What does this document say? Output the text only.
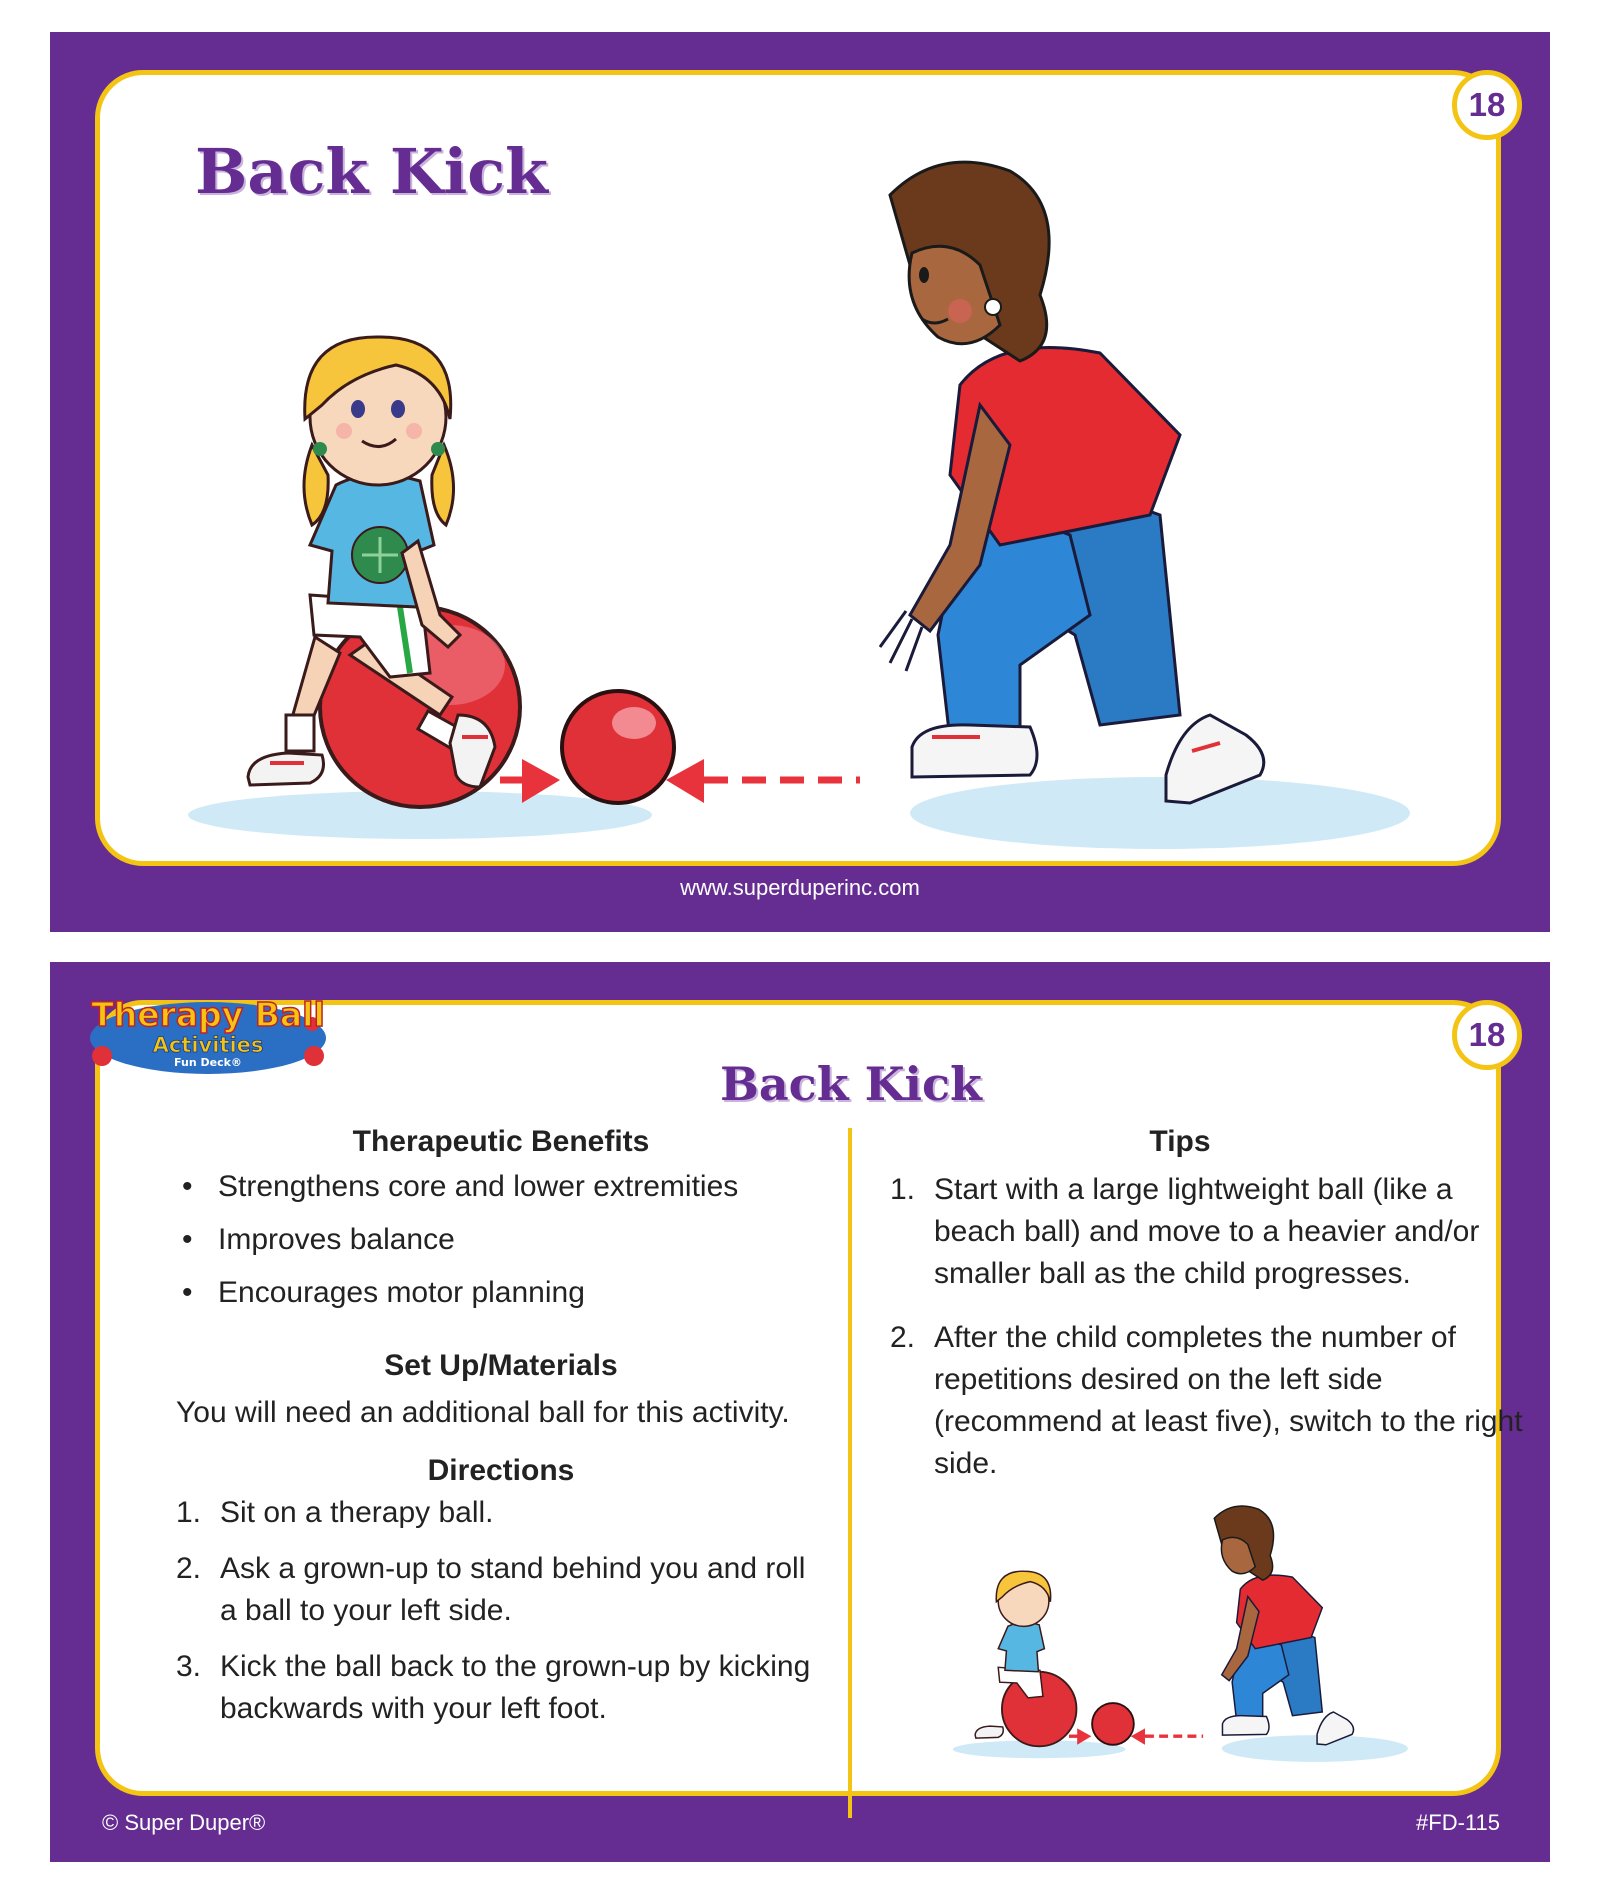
Back Kick
18
www.superduperinc.com
Back Kick
Therapeutic Benefits
• Strengthens core and lower extremities
• Improves balance
• Encourages motor planning
Set Up/Materials

You will need an additional ball for this activity.

Directions
1. Sit on a therapy ball.
2. Ask a grown-up to stand behind you and roll a ball to your left side.
3. Kick the ball back to the grown-up by kicking backwards with your left foot.
Tips
1. Start with a large lightweight ball (like a beach ball) and move to a heavier and/or smaller ball as the child progresses.
2. After the child completes the number of repetitions desired on the left side (recommend at least five), switch to the right side.
Therapy Ball
Activities
Fun Deck®
18
© Super Duper®	#FD-115
